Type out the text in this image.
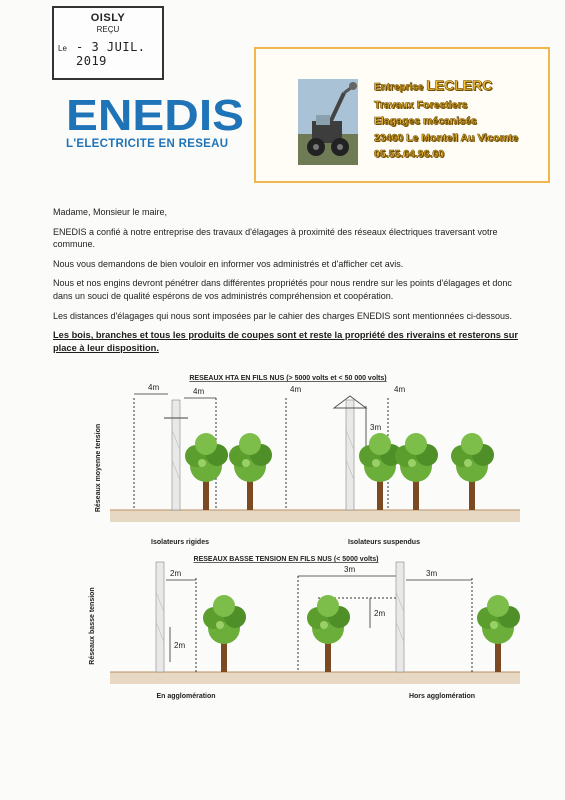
OISLY
REÇU
Le - 3 JUIL. 2019
ENEDIS
L'ELECTRICITE EN RESEAU
Entreprise LECLERC
Travaux Forestiers
Elagages mécanisés
23460 Le Monteil Au Vicomte
05.55.64.96.60

Madame, Monsieur le maire,

ENEDIS a confié à notre entreprise des travaux d'élagages à proximité des réseaux électriques traversant votre commune.

Nous vous demandons de bien vouloir en informer vos administrés et d'afficher cet avis.

Nous et nos engins devront pénétrer dans différentes propriétés pour nous rendre sur les points d'élagages et donc dans un souci de qualité espérons de vos administrés compréhension et coopération.

Les distances d'élagages qui nous sont imposées par le cahier des charges ENEDIS sont mentionnées ci-dessous.

Les bois, branches et tous les produits de coupes sont et reste la propriété des riverains et resterons sur place à leur disposition.

RESEAUX HTA EN FILS NUS (> 5000 volts et < 50 000 volts)
Réseaux moyenne tension
4m	4m	4m
3m
4m
Isolateurs rigides	Isolateurs suspendus
RESEAUX BASSE TENSION EN FILS NUS (< 5000 volts)
Réseaux basse tension
2m
2m
3m
2m
3m
En agglomération	Hors agglomération
